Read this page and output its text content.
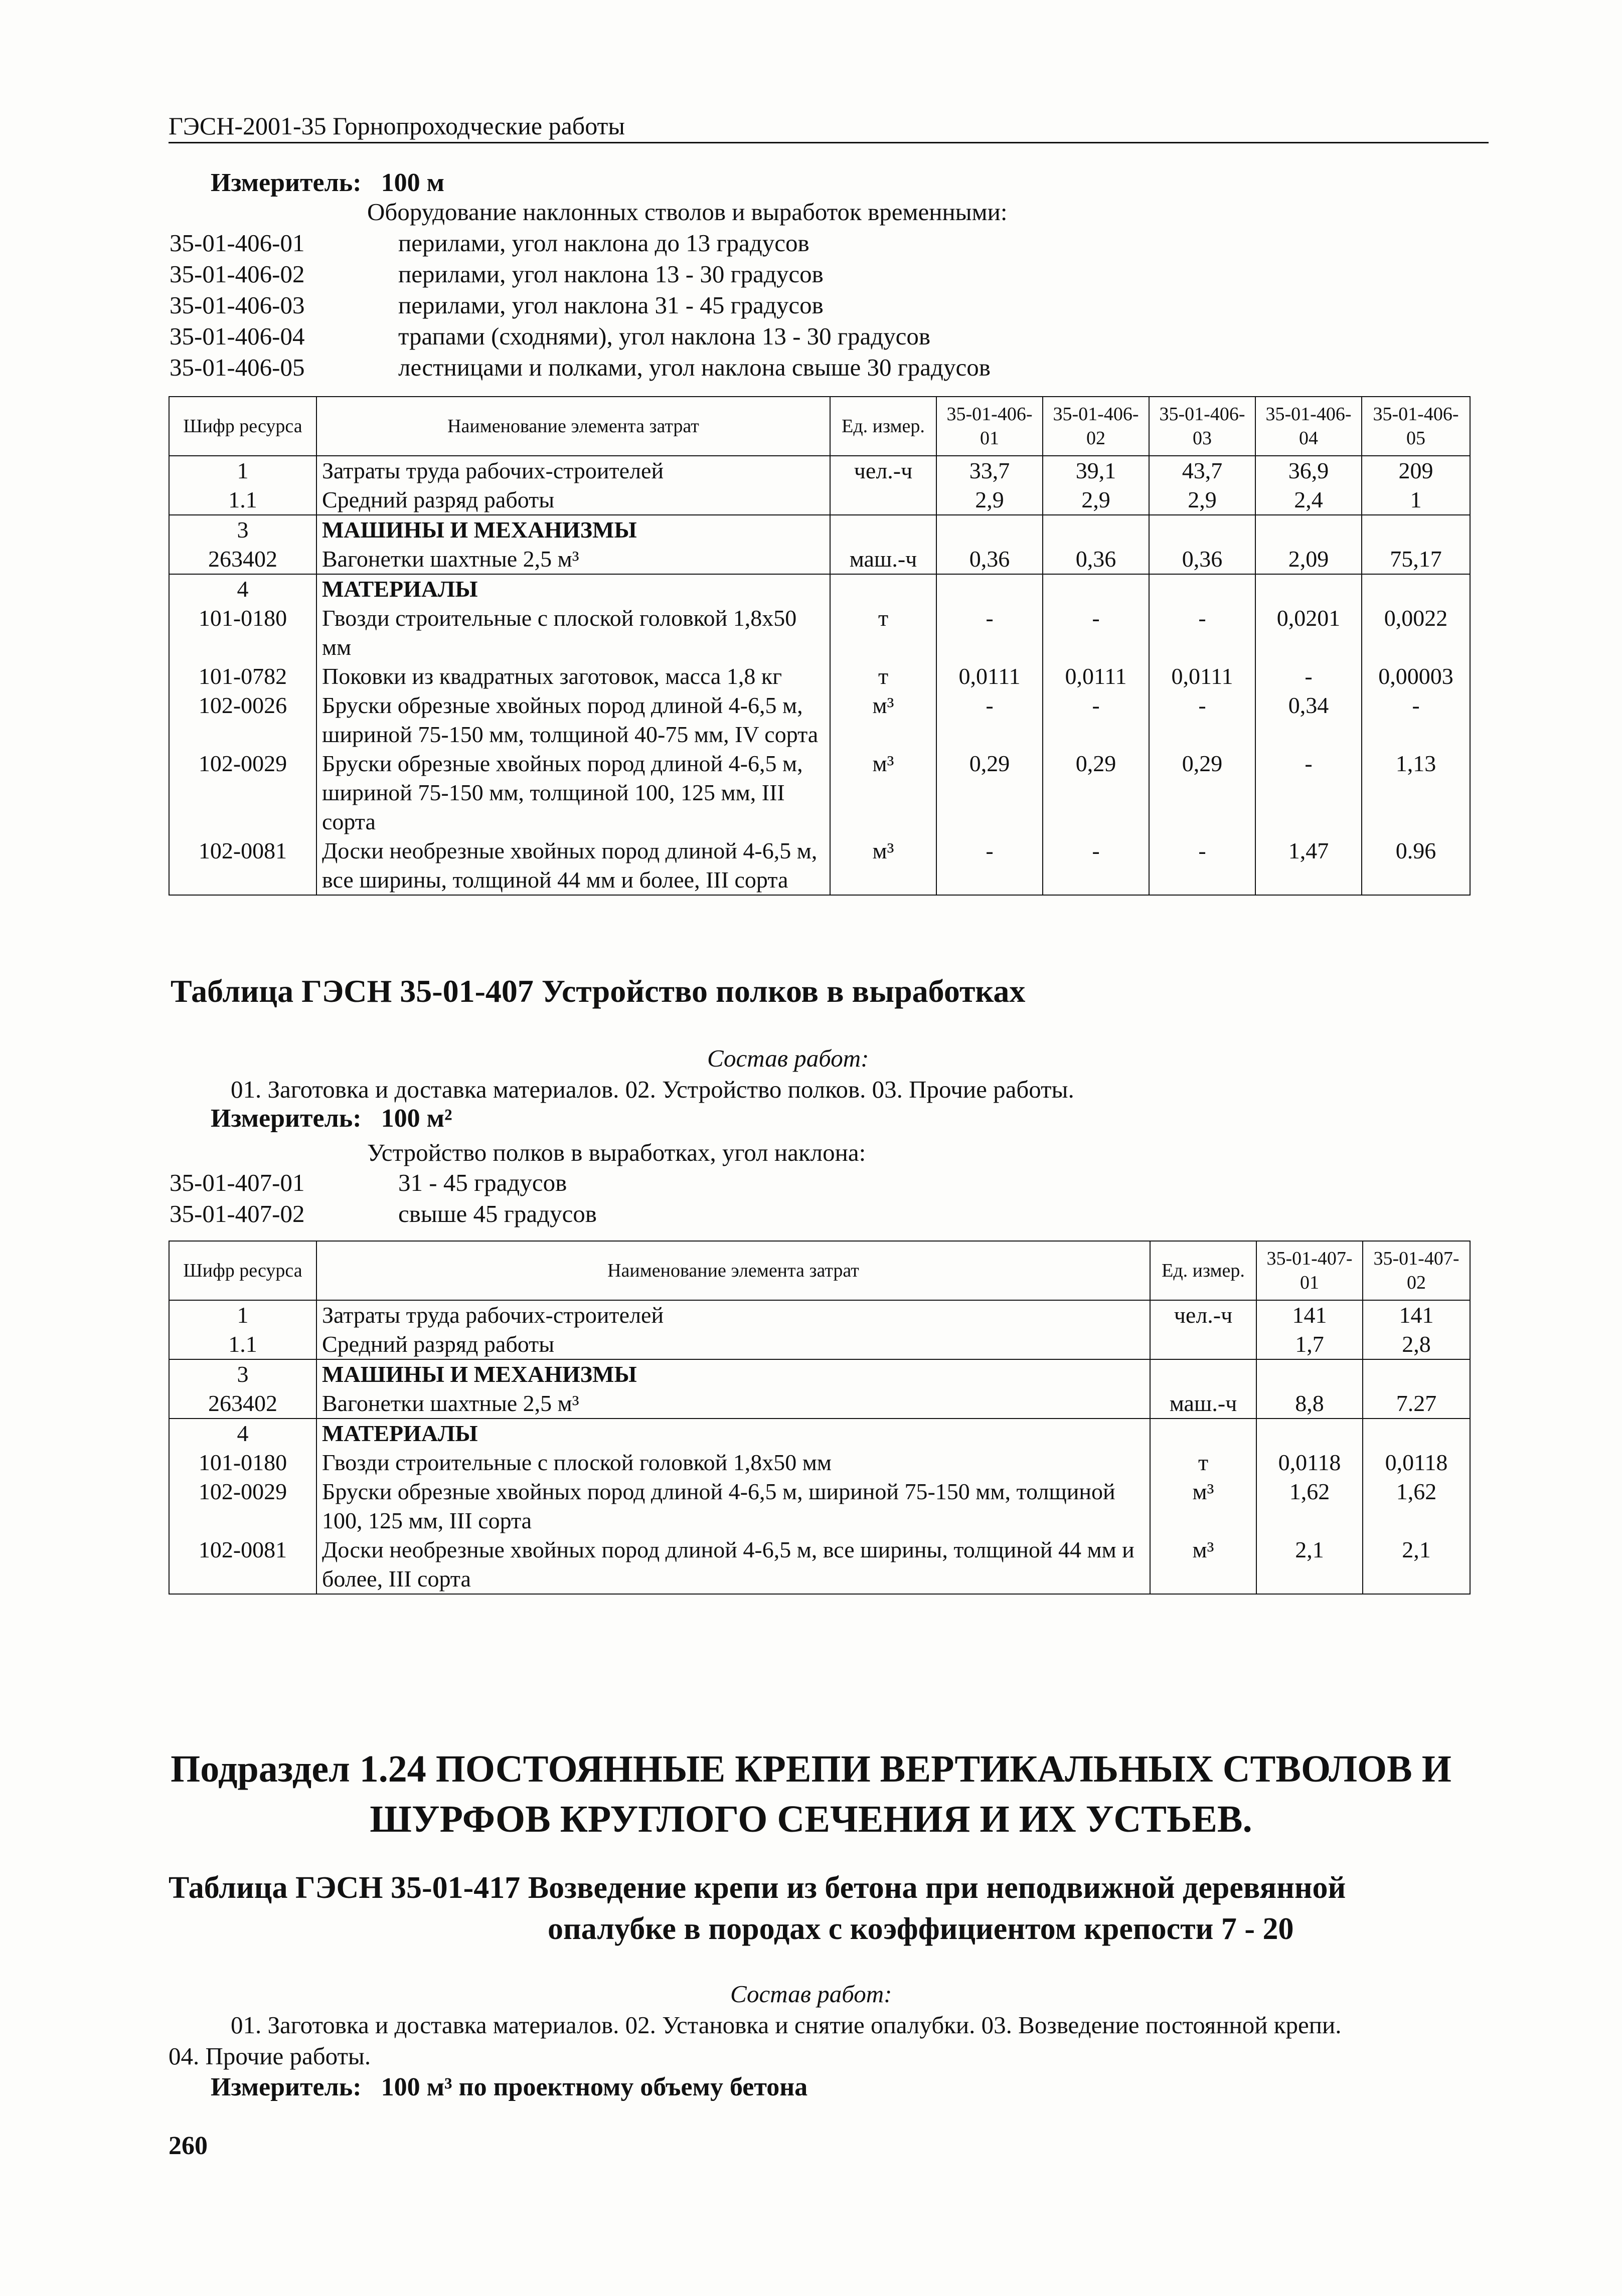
ГЭСН-2001-35 Горнопроходческие работы
Измеритель: 100 м
Оборудование наклонных стволов и выработок временными:
35-01-406-01	перилами, угол наклона до 13 градусов
35-01-406-02	перилами, угол наклона 13 - 30 градусов
35-01-406-03	перилами, угол наклона 31 - 45 градусов
35-01-406-04	трапами (сходнями), угол наклона 13 - 30 градусов
35-01-406-05	лестницами и полками, угол наклона свыше 30 градусов
Шифр ресурса	Наименование элемента затрат	Ед. измер.	35-01-406-01	35-01-406-02	35-01-406-03	35-01-406-04	35-01-406-05
1	Затраты труда рабочих-строителей	чел.-ч	33,7	39,1	43,7	36,9	209
1.1	Средний разряд работы		2,9	2,9	2,9	2,4	1
3	МАШИНЫ И МЕХАНИЗМЫ						
263402	Вагонетки шахтные 2,5 м³	маш.-ч	0,36	0,36	0,36	2,09	75,17
4	МАТЕРИАЛЫ						
101-0180	Гвозди строительные с плоской головкой 1,8x50 мм	т	-	-	-	0,0201	0,0022
101-0782	Поковки из квадратных заготовок, масса 1,8 кг	т	0,0111	0,0111	0,0111	-	0,00003
102-0026	Бруски обрезные хвойных пород длиной 4-6,5 м, шириной 75-150 мм, толщиной 40-75 мм, IV сорта	м³	-	-	-	0,34	-
102-0029	Бруски обрезные хвойных пород длиной 4-6,5 м, шириной 75-150 мм, толщиной 100, 125 мм, III сорта	м³	0,29	0,29	0,29	-	1,13
102-0081	Доски необрезные хвойных пород длиной 4-6,5 м, все ширины, толщиной 44 мм и более, III сорта	м³	-	-	-	1,47	0.96
Таблица ГЭСН 35-01-407 Устройство полков в выработках
Состав работ:
01. Заготовка и доставка материалов. 02. Устройство полков. 03. Прочие работы.
Измеритель: 100 м²
Устройство полков в выработках, угол наклона:
35-01-407-01	31 - 45 градусов
35-01-407-02	свыше 45 градусов
Шифр ресурса	Наименование элемента затрат	Ед. измер.	35-01-407-01	35-01-407-02
1	Затраты труда рабочих-строителей	чел.-ч	141	141
1.1	Средний разряд работы		1,7	2,8
3	МАШИНЫ И МЕХАНИЗМЫ			
263402	Вагонетки шахтные 2,5 м³	маш.-ч	8,8	7.27
4	МАТЕРИАЛЫ			
101-0180	Гвозди строительные с плоской головкой 1,8x50 мм	т	0,0118	0,0118
102-0029	Бруски обрезные хвойных пород длиной 4-6,5 м, шириной 75-150 мм, толщиной 100, 125 мм, III сорта	м³	1,62	1,62
102-0081	Доски необрезные хвойных пород длиной 4-6,5 м, все ширины, толщиной 44 мм и более, III сорта	м³	2,1	2,1
Подраздел 1.24 ПОСТОЯННЫЕ КРЕПИ ВЕРТИКАЛЬНЫХ СТВОЛОВ И
ШУРФОВ КРУГЛОГО СЕЧЕНИЯ И ИХ УСТЬЕВ.
Таблица ГЭСН 35-01-417 Возведение крепи из бетона при неподвижной деревянной
опалубке в породах с коэффициентом крепости 7 - 20
Состав работ:
01. Заготовка и доставка материалов. 02. Установка и снятие опалубки. 03. Возведение постоянной крепи.
04. Прочие работы.
Измеритель: 100 м³ по проектному объему бетона
260
